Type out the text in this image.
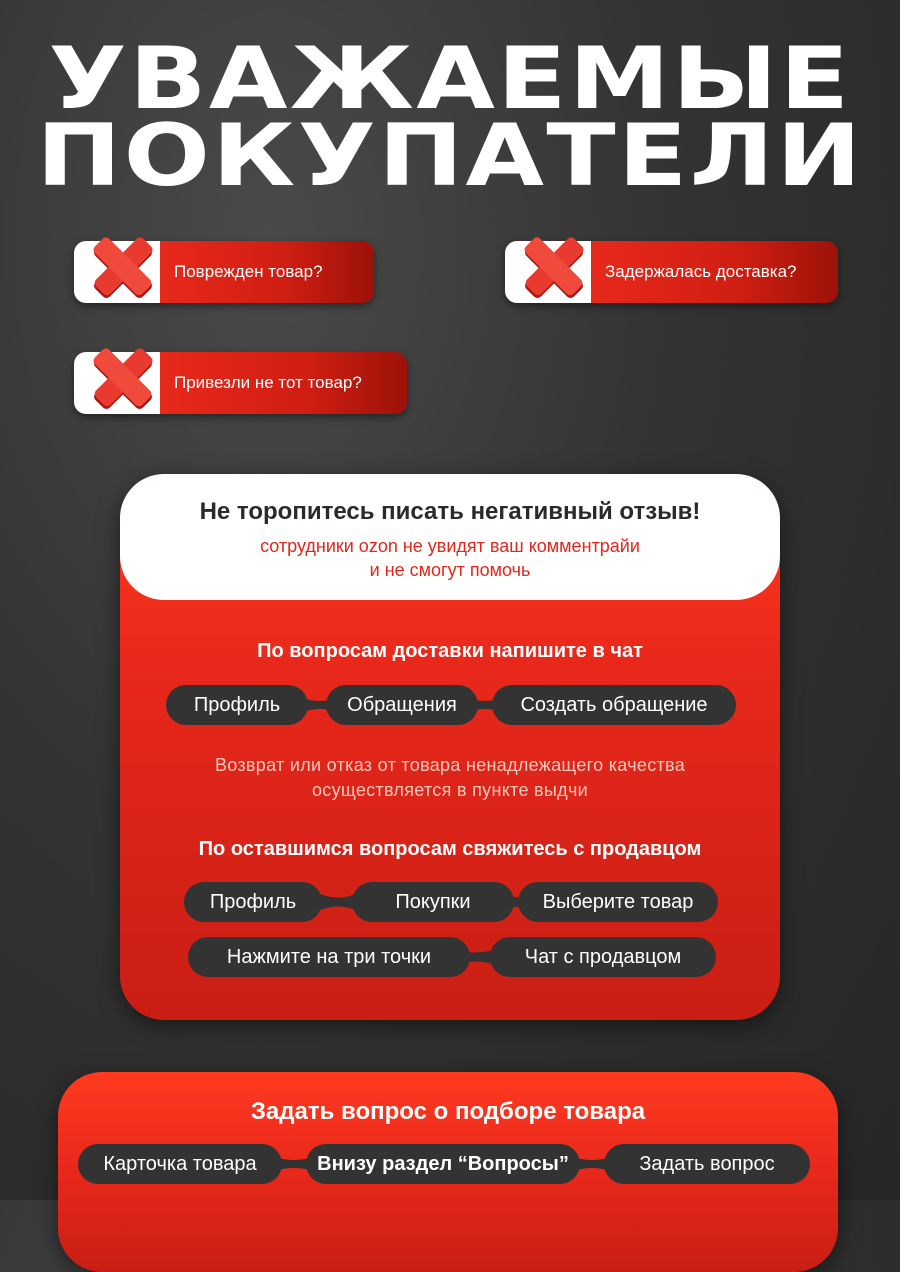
УВАЖАЕМЫЕ
ПОКУПАТЕЛИ
Поврежден товар?	Задержалась доставка?
Привезли не тот товар?
Не торопитесь писать негативный отзыв!
сотрудники ozon не увидят ваш комментрайи
и не смогут помочь
По вопросам доставки напишите в чат
Профиль	Обращения	Создать обращение
Возврат или отказ от товара ненадлежащего качества
осуществляется в пункте выдчи
По оставшимся вопросам свяжитесь с продавцом
Профиль	Покупки	Выберите товар
Нажмите на три точки	Чат с продавцом
Задать вопрос о подборе товара
Карточка товара	Внизу раздел “Вопросы”	Задать вопрос
